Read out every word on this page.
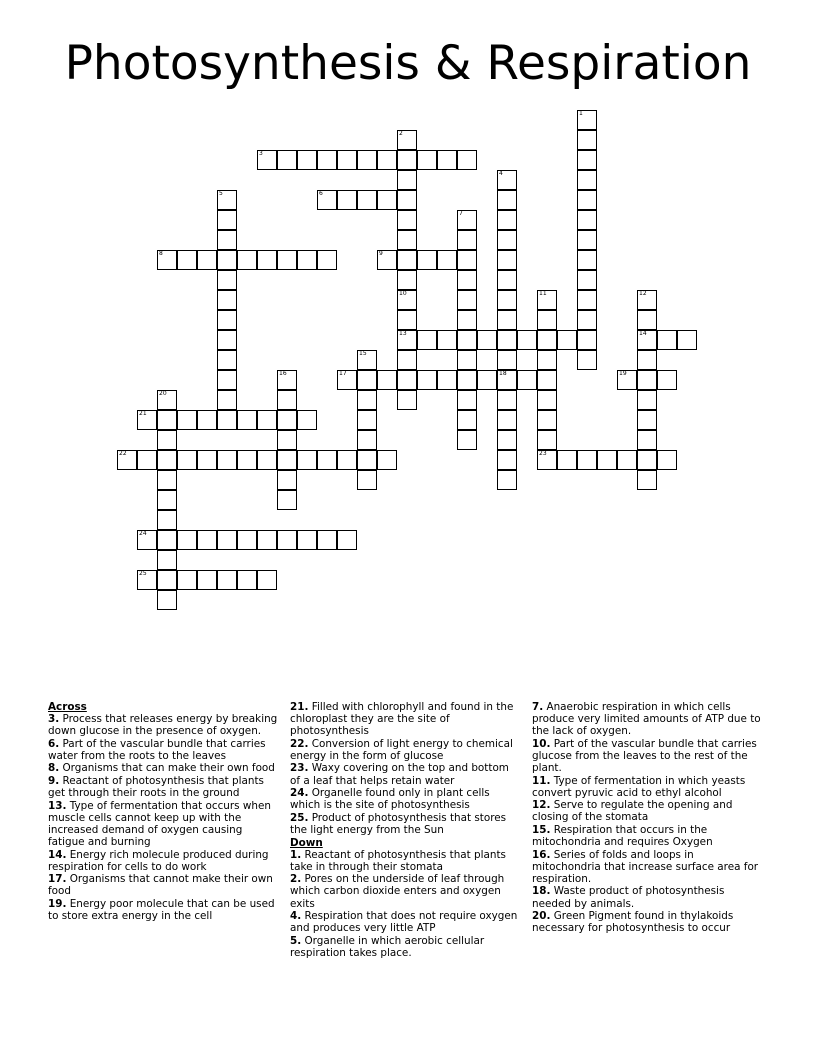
Photosynthesis & Respiration
1
2
10
13
3
4
18
5	6
7
8	9
11	12
14
15
16	17	19
20
21
22	23
24
25
Across
3. Process that releases energy by breaking down glucose in the presence of oxygen.
6. Part of the vascular bundle that carries water from the roots to the leaves
8. Organisms that can make their own food
9. Reactant of photosynthesis that plants get through their roots in the ground
13. Type of fermentation that occurs when muscle cells cannot keep up with the increased demand of oxygen causing fatigue and burning
14. Energy rich molecule produced during respiration for cells to do work
17. Organisms that cannot make their own food
19. Energy poor molecule that can be used to store extra energy in the cell
21. Filled with chlorophyll and found in the chloroplast they are the site of photosynthesis
22. Conversion of light energy to chemical energy in the form of glucose
23. Waxy covering on the top and bottom of a leaf that helps retain water
24. Organelle found only in plant cells which is the site of photosynthesis
25. Product of photosynthesis that stores the light energy from the Sun
Down
1. Reactant of photosynthesis that plants take in through their stomata
2. Pores on the underside of leaf through which carbon dioxide enters and oxygen exits
4. Respiration that does not require oxygen and produces very little ATP
5. Organelle in which aerobic cellular respiration takes place.
7. Anaerobic respiration in which cells produce very limited amounts of ATP due to the lack of oxygen.
10. Part of the vascular bundle that carries glucose from the leaves to the rest of the plant.
11. Type of fermentation in which yeasts convert pyruvic acid to ethyl alcohol
12. Serve to regulate the opening and closing of the stomata
15. Respiration that occurs in the mitochondria and requires Oxygen
16. Series of folds and loops in mitochondria that increase surface area for respiration.
18. Waste product of photosynthesis needed by animals.
20. Green Pigment found in thylakoids necessary for photosynthesis to occur
